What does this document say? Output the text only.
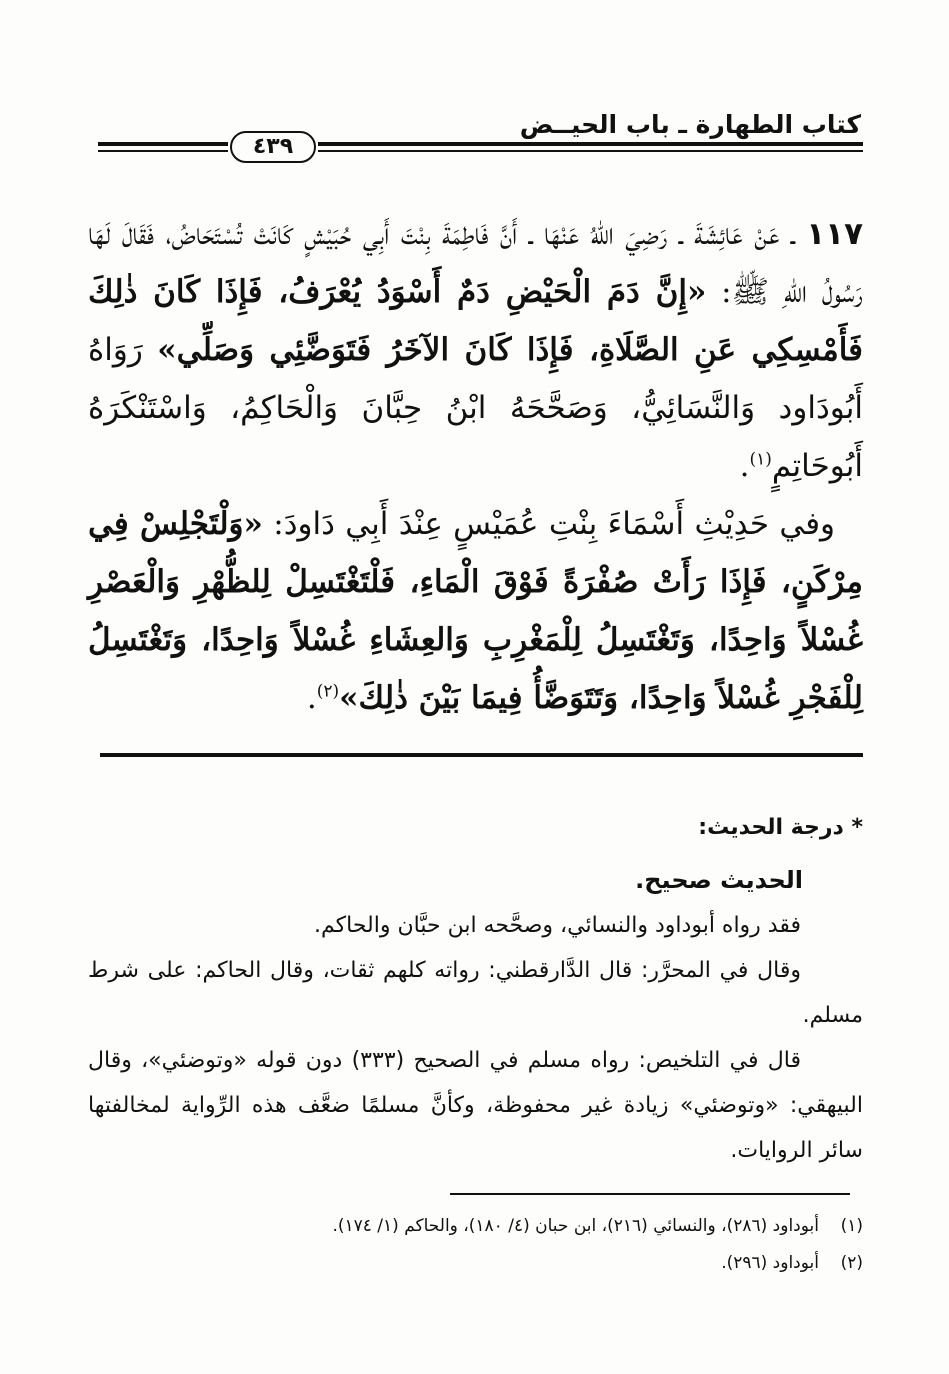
كتاب الطهارة ـ باب الحيــض
٤٣٩

١١٧ ـ عَنْ عَائِشَةَ ـ رَضِيَ اللهُ عَنْهَا ـ أَنَّ فَاطِمَةَ بِنْتَ أَبِي حُبَيْشٍ كَانَتْ تُسْتَحَاضُ، فَقَالَ لَهَا رَسُولُ اللهِ ﷺ: «إِنَّ دَمَ الْحَيْضِ دَمٌ أَسْوَدُ يُعْرَفُ، فَإِذَا كَانَ ذٰلِكَ فَأَمْسِكِي عَنِ الصَّلَاةِ، فَإِذَا كَانَ الآخَرُ فَتَوَضَّئِي وَصَلِّي» رَوَاهُ أَبُودَاود وَالنَّسَائِيُّ، وَصَحَّحَهُ ابْنُ حِبَّانَ وَالْحَاكِمُ، وَاسْتَنْكَرَهُ أَبُوحَاتِمٍ$^{(١)}$.

وفي حَدِيْثِ أَسْمَاءَ بِنْتِ عُمَيْسٍ عِنْدَ أَبِي دَاودَ: «وَلْتَجْلِسْ فِي مِرْكَنٍ، فَإِذَا رَأَتْ صُفْرَةً فَوْقَ الْمَاءِ، فَلْتَغْتَسِلْ لِلظُّهْرِ وَالْعَصْرِ غُسْلاً وَاحِدًا، وَتَغْتَسِلُ لِلْمَغْرِبِ وَالعِشَاءِ غُسْلاً وَاحِدًا، وَتَغْتَسِلُ لِلْفَجْرِ غُسْلاً وَاحِدًا، وَتَتَوَضَّأُ فِيمَا بَيْنَ ذٰلِكَ»$^{(٢)}$.

* درجة الحديث:

الحديث صحيح.

فقد رواه أبوداود والنسائي، وصحَّحه ابن حبَّان والحاكم.

وقال في المحرَّر: قال الدَّارقطني: رواته كلهم ثقات، وقال الحاكم: على شرط مسلم.

قال في التلخيص: رواه مسلم في الصحيح (٣٣٣) دون قوله «وتوضئي»، وقال البيهقي: «وتوضئي» زيادة غير محفوظة، وكأنَّ مسلمًا ضعَّف هذه الرِّواية لمخالفتها سائر الروايات.

(١)
أبوداود (٢٨٦)، والنسائي (٢١٦)، ابن حبان (٤/ ١٨٠)، والحاكم (١/ ١٧٤).
(٢)
أبوداود (٢٩٦).
